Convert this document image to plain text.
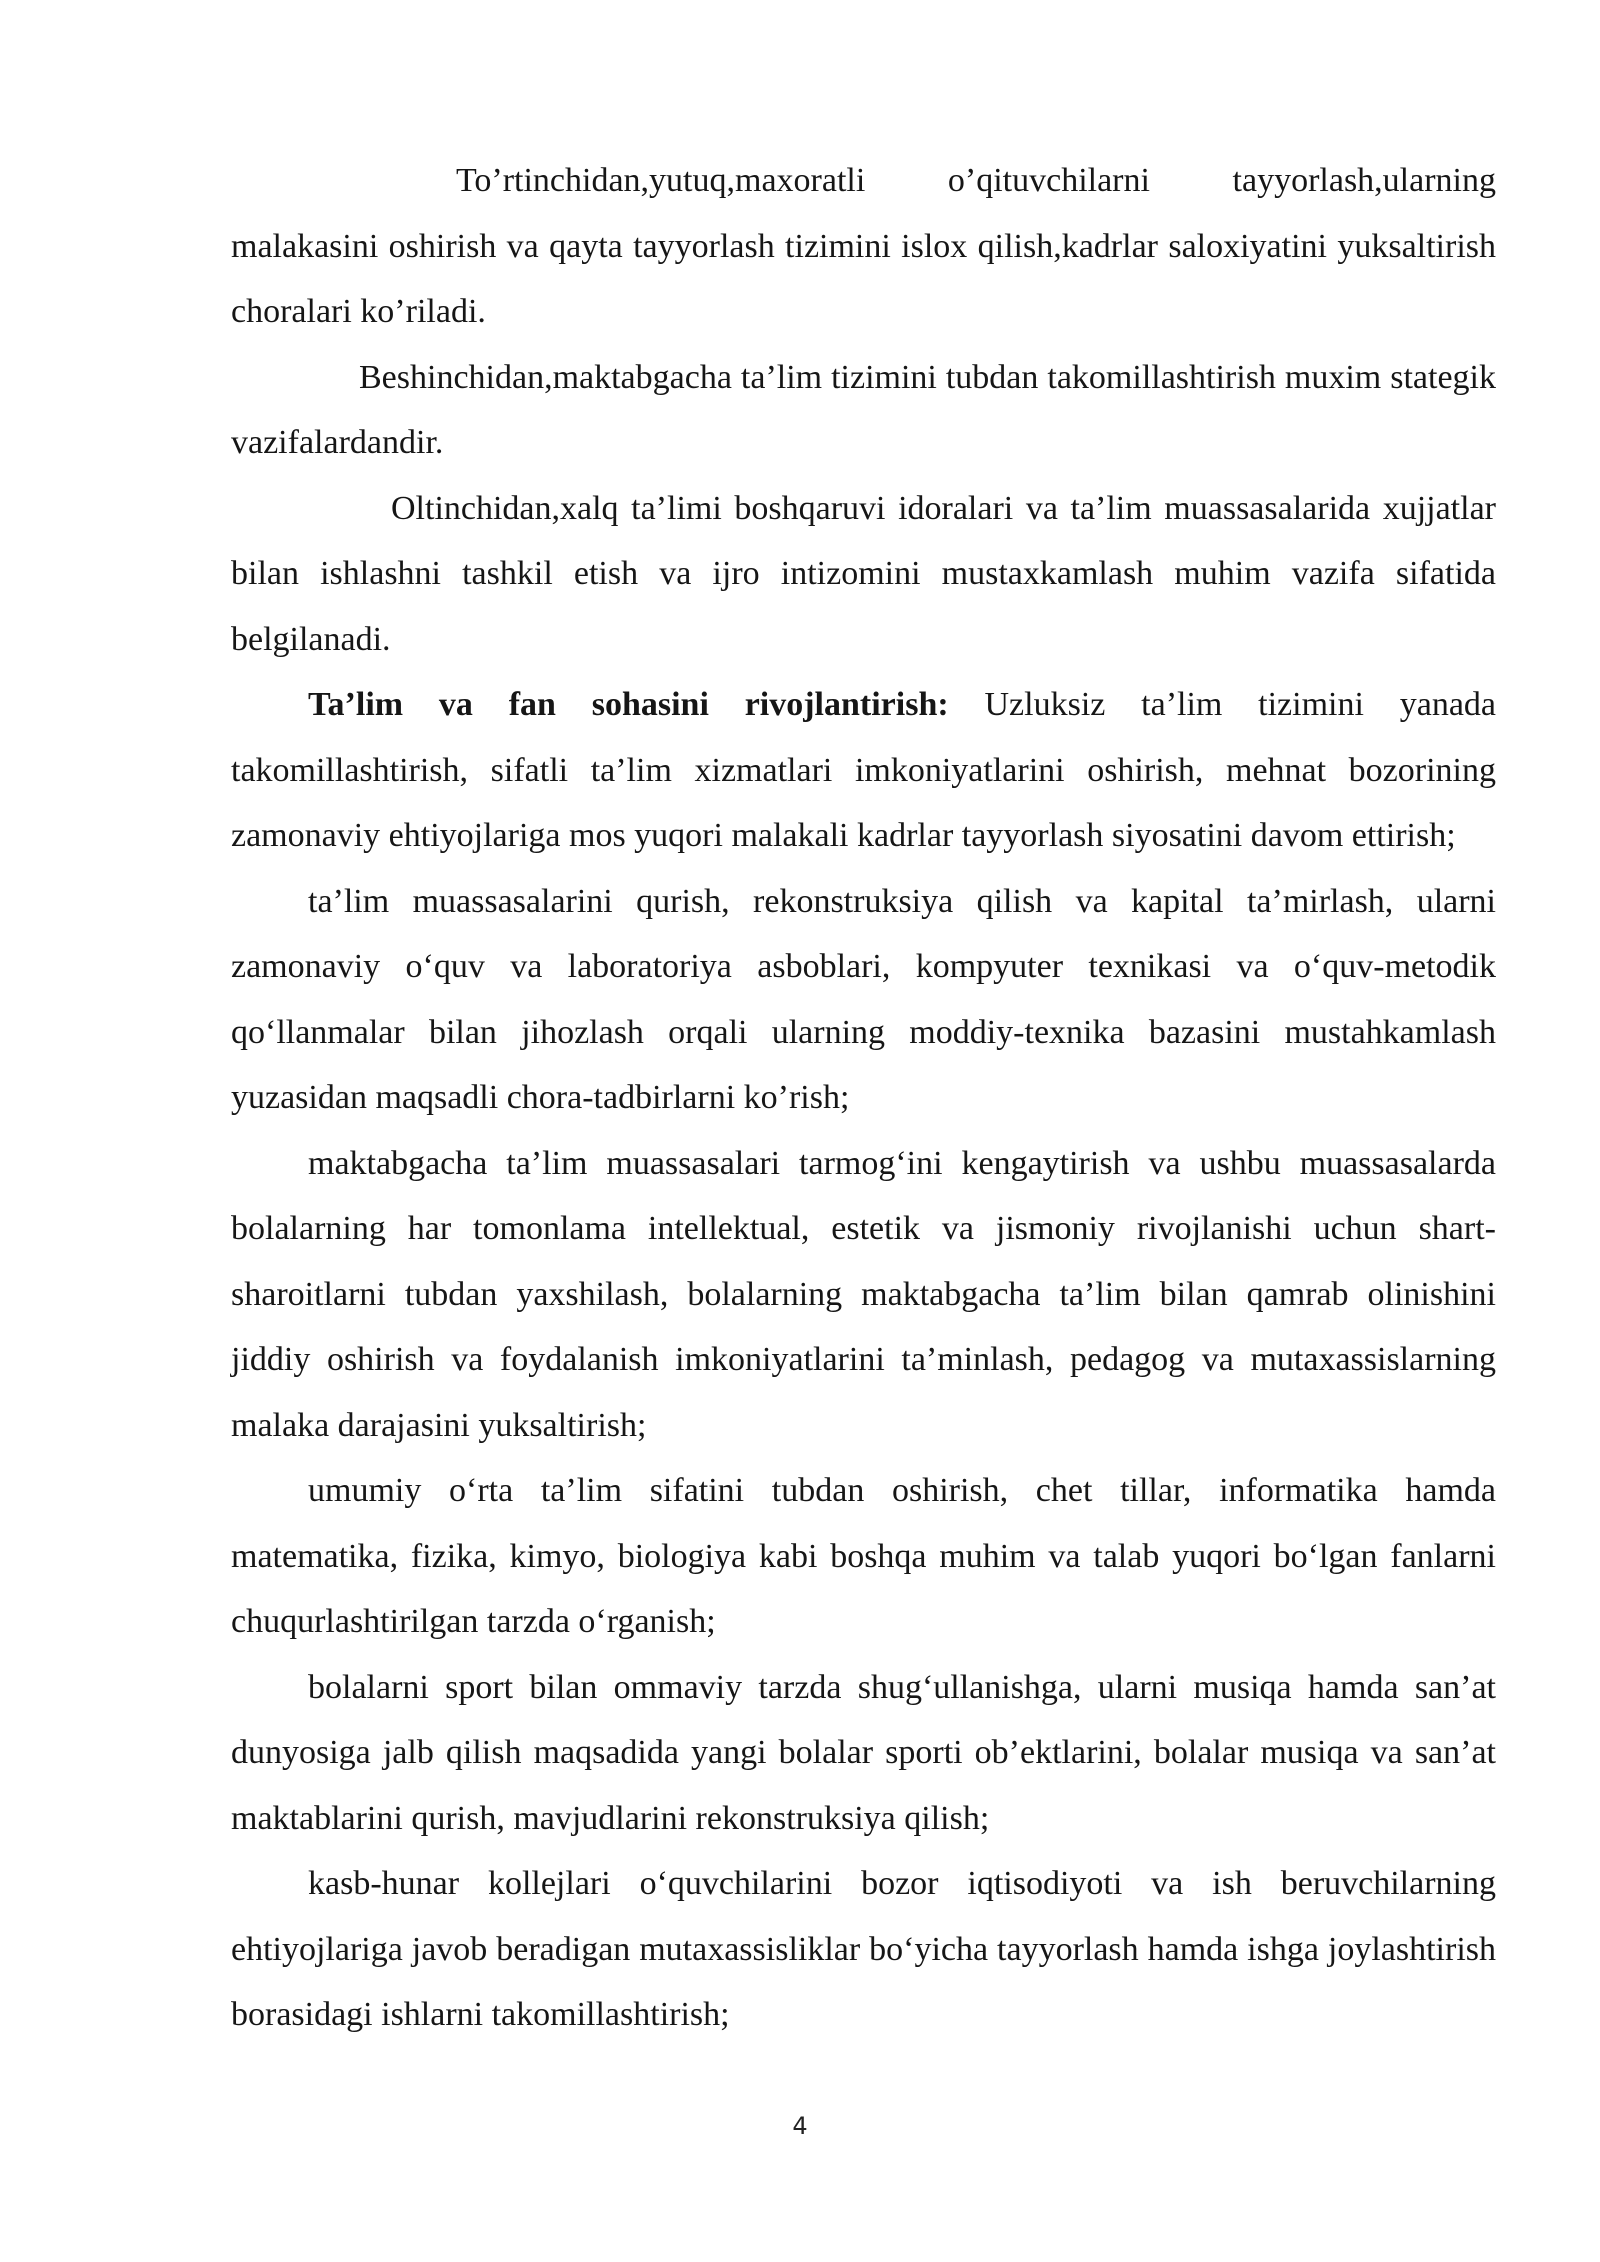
To’rtinchidan,yutuq,maxoratli o’qituvchilarni tayyorlash,ularning malakasini oshirish va qayta tayyorlash tizimini islox qilish,kadrlar saloxiyatini yuksaltirish choralari ko’riladi.

Beshinchidan,maktabgacha ta’lim tizimini tubdan takomillashtirish muxim stategik vazifalardandir.

Oltinchidan,xalq ta’limi boshqaruvi idoralari va ta’lim muassasalarida xujjatlar bilan ishlashni tashkil etish va ijro intizomini mustaxkamlash muhim vazifa sifatida belgilanadi.

Ta’lim va fan sohasini rivojlantirish: Uzluksiz ta’lim tizimini yanada takomillashtirish, sifatli ta’lim xizmatlari imkoniyatlarini oshirish, mehnat bozorining zamonaviy ehtiyojlariga mos yuqori malakali kadrlar tayyorlash siyosatini davom ettirish;

ta’lim muassasalarini qurish, rekonstruksiya qilish va kapital ta’mirlash, ularni zamonaviy o‘quv va laboratoriya asboblari, kompyuter texnikasi va o‘quv-metodik qo‘llanmalar bilan jihozlash orqali ularning moddiy-texnika bazasini mustahkamlash yuzasidan maqsadli chora-tadbirlarni ko’rish;

maktabgacha ta’lim muassasalari tarmog‘ini kengaytirish va ushbu muassasalarda bolalarning har tomonlama intellektual, estetik va jismoniy rivojlanishi uchun shart-sharoitlarni tubdan yaxshilash, bolalarning maktabgacha ta’lim bilan qamrab olinishini jiddiy oshirish va foydalanish imkoniyatlarini ta’minlash, pedagog va mutaxassislarning malaka darajasini yuksaltirish;

umumiy o‘rta ta’lim sifatini tubdan oshirish, chet tillar, informatika hamda matematika, fizika, kimyo, biologiya kabi boshqa muhim va talab yuqori bo‘lgan fanlarni chuqurlashtirilgan tarzda o‘rganish;

bolalarni sport bilan ommaviy tarzda shug‘ullanishga, ularni musiqa hamda san’at dunyosiga jalb qilish maqsadida yangi bolalar sporti ob’ektlarini, bolalar musiqa va san’at maktablarini qurish, mavjudlarini rekonstruksiya qilish;

kasb-hunar kollejlari o‘quvchilarini bozor iqtisodiyoti va ish beruvchilarning ehtiyojlariga javob beradigan mutaxassisliklar bo‘yicha tayyorlash hamda ishga joylashtirish borasidagi ishlarni takomillashtirish;

4
